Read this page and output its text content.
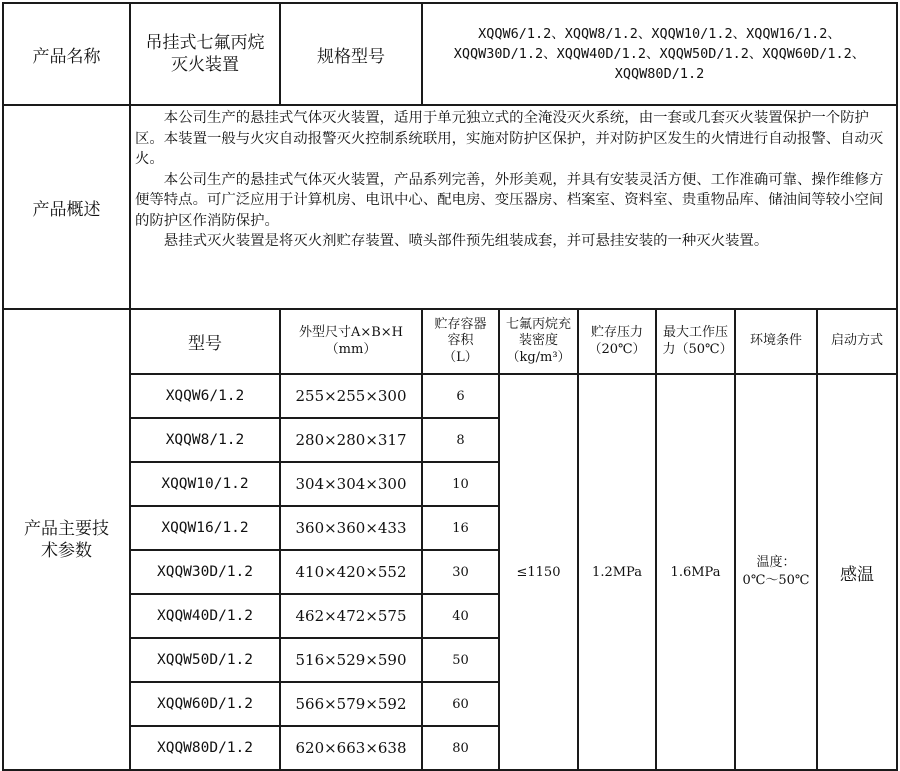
产品名称	吊挂式七氟丙烷灭火装置	规格型号	XQQW6/1.2、XQQW8/1.2、XQQW10/1.2、XQQW16/1.2、XQQW30D/1.2、XQQW40D/1.2、XQQW50D/1.2、XQQW60D/1.2、XQQW80D/1.2					

产品概述	本公司生产的悬挂式气体灭火装置，适用于单元独立式的全淹没灭火系统，由一套或几套灭火装置保护一个防护区。本装置一般与火灾自动报警灭火控制系统联用，实施对防护区保护，并对防护区发生的火情进行自动报警、自动灭火。

本公司生产的悬挂式气体灭火装置，产品系列完善，外形美观，并具有安装灵活方便、工作准确可靠、操作维修方便等特点。可广泛应用于计算机房、电讯中心、配电房、变压器房、档案室、资料室、贵重物品库、储油间等较小空间的防护区作消防保护。

悬挂式灭火装置是将灭火剂贮存装置、喷头部件预先组装成套，并可悬挂安装的一种灭火装置。							

产品主要技术参数	型号	外型尺寸A×B×H（mm）	贮存容器容积（L）	七氟丙烷充装密度（kg/m³）	贮存压力（20℃）	最大工作压力（50℃）	环境条件	启动方式
	XQQW6/1.2	255×255×300	6	≤1150	1.2MPa	1.6MPa	温度：
0℃～50℃	感温
	XQQW8/1.2	280×280×317	8					
	XQQW10/1.2	304×304×300	10					
	XQQW16/1.2	360×360×433	16					
	XQQW30D/1.2	410×420×552	30					
	XQQW40D/1.2	462×472×575	40					
	XQQW50D/1.2	516×529×590	50					
	XQQW60D/1.2	566×579×592	60					
	XQQW80D/1.2	620×663×638	80					
